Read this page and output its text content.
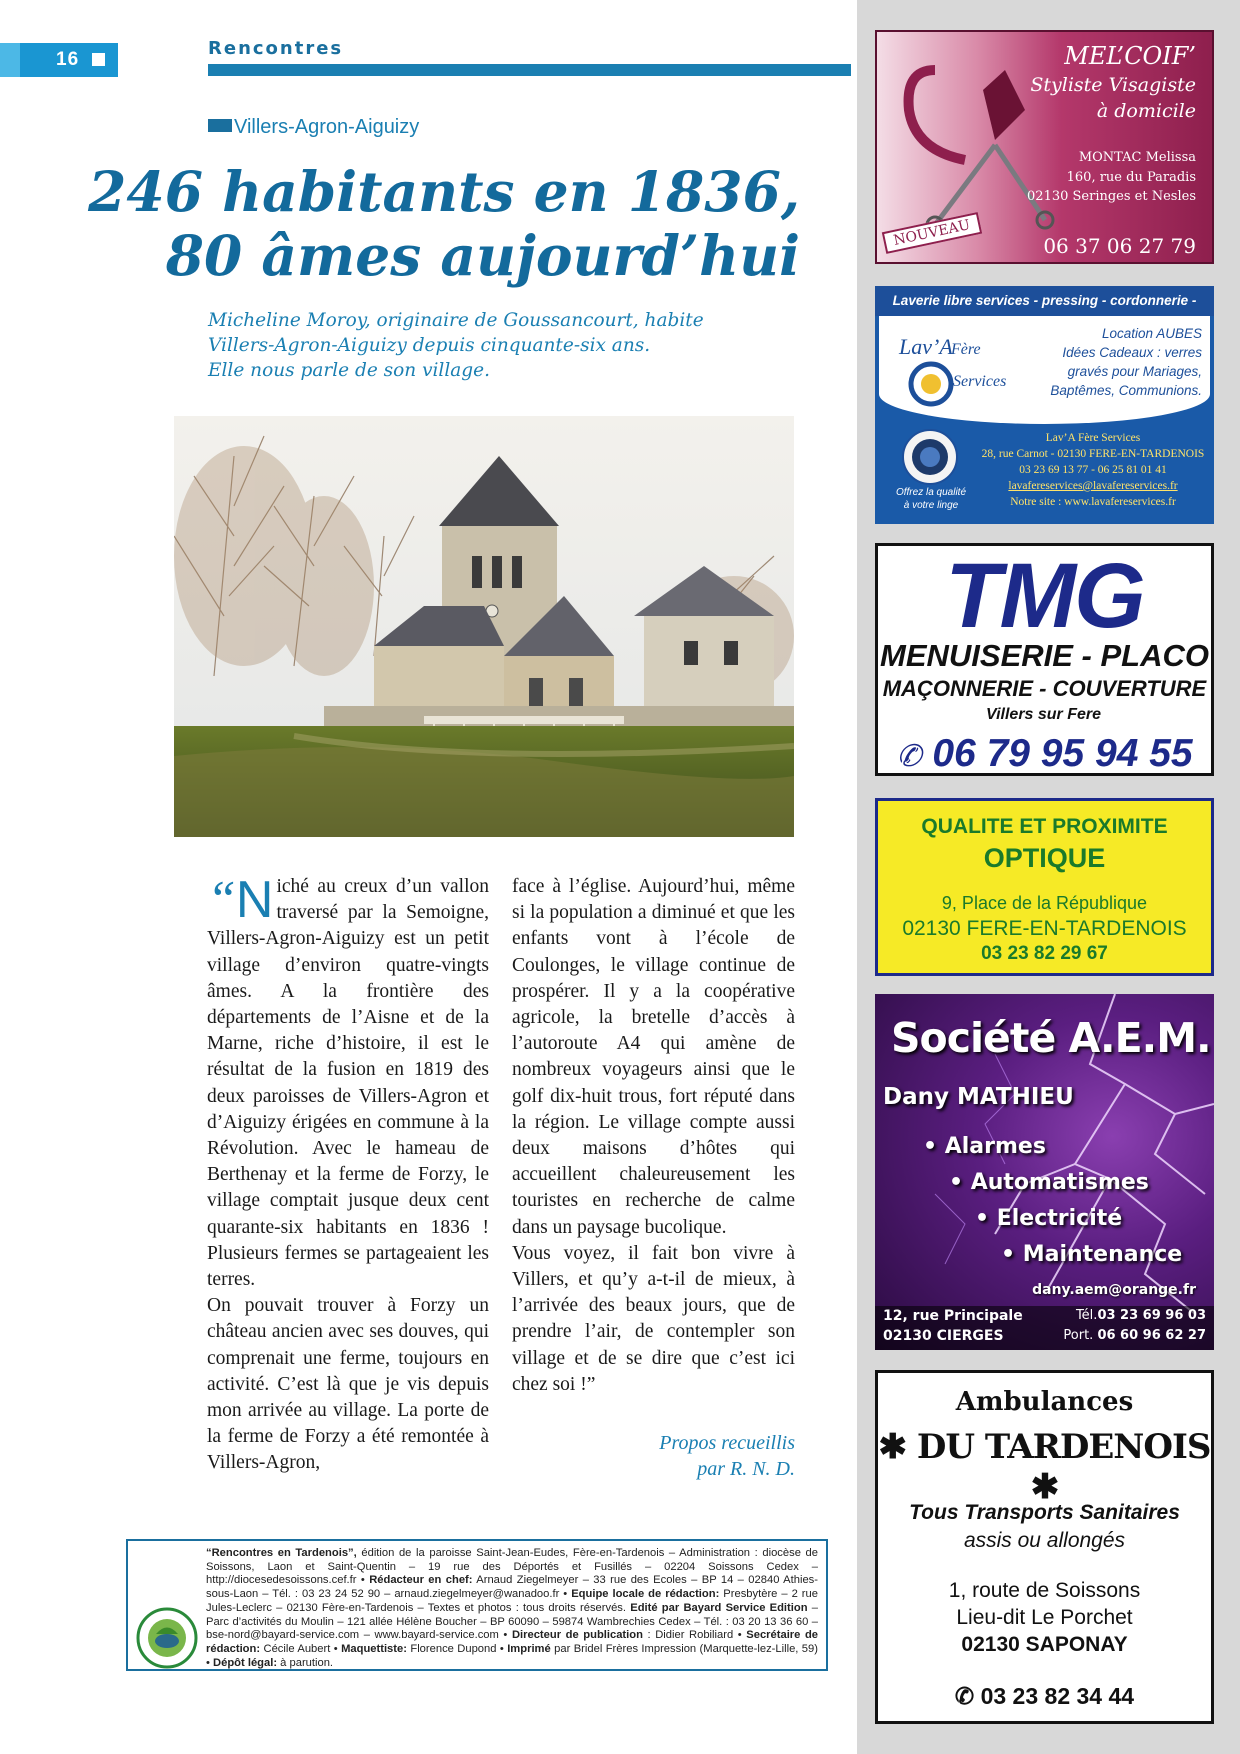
16
Rencontres
Villers-Agron-Aiguizy
246 habitants en 1836,
80 âmes aujourd’hui
Micheline Moroy, originaire de Goussancourt, habite
Villers-Agron-Aiguizy depuis cinquante-six ans.
Elle nous parle de son village.

“N iché au creux d’un vallon traversé par la Semoigne, Villers-Agron-Aiguizy est un petit village d’environ quatre-vingts âmes. A la frontière des départements de l’Aisne et de la Marne, riche d’histoire, il est le résultat de la fusion en 1819 des deux paroisses de Villers-Agron et d’Aiguizy érigées en commune à la Révolution. Avec le hameau de Berthenay et la ferme de Forzy, le village comptait jusque deux cent quarante-six habitants en 1836 ! Plusieurs fermes se partageaient les terres.

On pouvait trouver à Forzy un château ancien avec ses douves, qui comprenait une ferme, toujours en activité. C’est là que je vis depuis mon arrivée au village. La porte de la ferme de Forzy a été remontée à Villers-Agron,

face à l’église. Aujourd’hui, même si la population a diminué et que les enfants vont à l’école de Coulonges, le village continue de prospérer. Il y a la coopérative agricole, la bretelle d’accès à l’autoroute A4 qui amène de nombreux voyageurs ainsi que le golf dix-huit trous, fort réputé dans la région. Le village compte aussi deux maisons d’hôtes qui accueillent chaleureusement les touristes en recherche de calme dans un paysage bucolique.

Vous voyez, il fait bon vivre à Villers, et qu’y a-t-il de mieux, à l’arrivée des beaux jours, que de prendre l’air, de contempler son village et de se dire que c’est ici chez soi !”

Propos recueillis
par R. N. D.
“Rencontres en Tardenois”, édition de la paroisse Saint-Jean-Eudes, Fère-en-Tardenois – Administration : diocèse de Soissons, Laon et Saint-Quentin – 19 rue des Déportés et Fusillés – 02204 Soissons Cedex – http://diocesedesoissons.cef.fr • Rédacteur en chef: Arnaud Ziegelmeyer – 33 rue des Ecoles – BP 14 – 02840 Athies-sous-Laon – Tél. : 03 23 24 52 90 – arnaud.ziegelmeyer@wanadoo.fr • Equipe locale de rédaction: Presbytère – 2 rue Jules-Leclerc – 02130 Fère-en-Tardenois – Textes et photos : tous droits réservés. Edité par Bayard Service Edition – Parc d’activités du Moulin – 121 allée Hélène Boucher – BP 60090 – 59874 Wambrechies Cedex – Tél. : 03 20 13 36 60 – bse-nord@bayard-service.com – www.bayard-service.com • Directeur de publication : Didier Robiliard • Secrétaire de rédaction: Cécile Aubert • Maquettiste: Florence Dupond • Imprimé par Bridel Frères Impression (Marquette-lez-Lille, 59) • Dépôt légal: à parution.
MEL’COIF’
Styliste Visagiste
à domicile
MONTAC Melissa
160, rue du Paradis
02130 Seringes et Nesles
06 37 06 27 79
NOUVEAU
Laverie libre services - pressing - cordonnerie -
Lav’A
Fère
Services
Location AUBES
Idées Cadeaux : verres
gravés pour Mariages,
Baptêmes, Communions.
Offrez la qualité
à votre linge
Lav’A Fère Services
28, rue Carnot - 02130 FERE-EN-TARDENOIS
03 23 69 13 77 - 06 25 81 01 41
lavafereservices@lavafereservices.fr
Notre site : www.lavafereservices.fr
TMG
MENUISERIE - PLACO
MAÇONNERIE - COUVERTURE
Villers sur Fere
✆ 06 79 95 94 55
QUALITE ET PROXIMITE
OPTIQUE
9, Place de la République
02130 FERE-EN-TARDENOIS
03 23 82 29 67
Société A.E.M.
Dany MATHIEU
• Alarmes
• Automatismes
• Electricité
• Maintenance
dany.aem@orange.fr
12, rue Principale
02130 CIERGES
Tél.03 23 69 96 03
Port. 06 60 96 62 27
Ambulances
✱ DU TARDENOIS ✱
Tous Transports Sanitaires
assis ou allongés
1, route de Soissons
Lieu-dit Le Porchet
02130 SAPONAY
✆ 03 23 82 34 44
